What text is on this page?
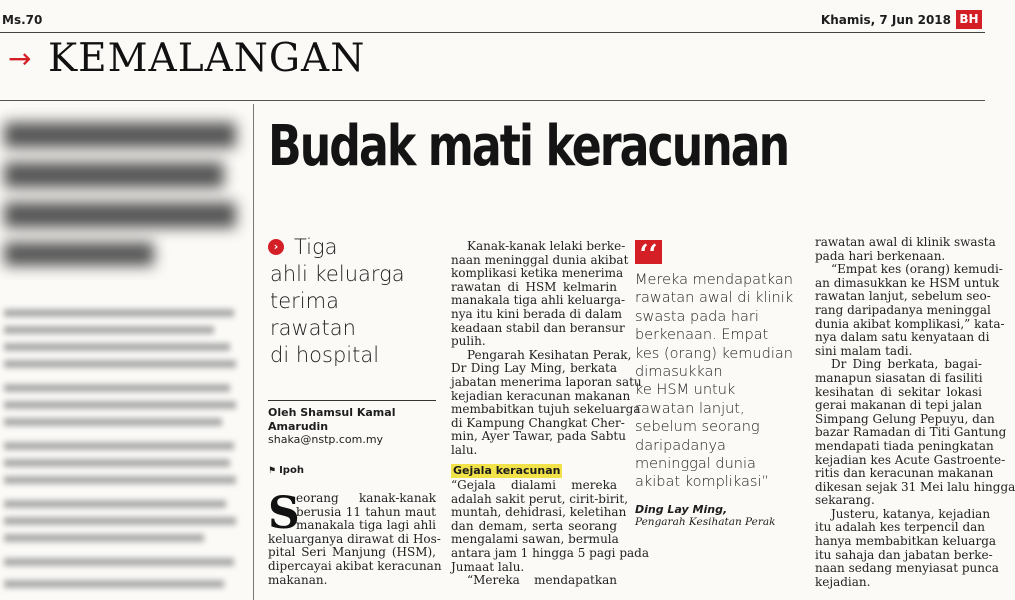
Ms.70	Khamis, 7 Jun 2018 BH
→ KEMALANGAN
Budak mati keracunan
› Tiga
ahli keluarga
terima
rawatan
di hospital
Oleh Shamsul Kamal
Amarudin
shaka@nstp.com.my
⚑ Ipoh
S
eorang kanak-kanak
berusia 11 tahun maut
manakala tiga lagi ahli
keluarganya dirawat di Hos-
pital Seri Manjung (HSM),
dipercayai akibat keracunan
makanan.
Kanak-kanak lelaki berke-
naan meninggal dunia akibat
komplikasi ketika menerima
rawatan di HSM kelmarin
manakala tiga ahli keluarga-
nya itu kini berada di dalam
keadaan stabil dan beransur
pulih.
Pengarah Kesihatan Perak,
Dr Ding Lay Ming, berkata
jabatan menerima laporan satu
kejadian keracunan makanan
membabitkan tujuh sekeluarga
di Kampung Changkat Cher-
min, Ayer Tawar, pada Sabtu
lalu.
Gejala keracunan
“Gejala dialami mereka
adalah sakit perut, cirit-birit,
muntah, dehidrasi, keletihan
dan demam, serta seorang
mengalami sawan, bermula
antara jam 1 hingga 5 pagi pada
Jumaat lalu.
“Mereka mendapatkan
‘‘
Mereka mendapatkan
rawatan awal di klinik
swasta pada hari
berkenaan. Empat
kes (orang) kemudian
dimasukkan
ke HSM untuk
rawatan lanjut,
sebelum seorang
daripadanya
meninggal dunia
akibat komplikasi”
Ding Lay Ming,
Pengarah Kesihatan Perak
rawatan awal di klinik swasta
pada hari berkenaan.
“Empat kes (orang) kemudi-
an dimasukkan ke HSM untuk
rawatan lanjut, sebelum seo-
rang daripadanya meninggal
dunia akibat komplikasi,” kata-
nya dalam satu kenyataan di
sini malam tadi.
Dr Ding berkata, bagai-
manapun siasatan di fasiliti
kesihatan di sekitar lokasi
gerai makanan di tepi jalan
Simpang Gelung Pepuyu, dan
bazar Ramadan di Titi Gantung
mendapati tiada peningkatan
kejadian kes Acute Gastroente-
ritis dan keracunan makanan
dikesan sejak 31 Mei lalu hingga
sekarang.
Justeru, katanya, kejadian
itu adalah kes terpencil dan
hanya membabitkan keluarga
itu sahaja dan jabatan berke-
naan sedang menyiasat punca
kejadian.
